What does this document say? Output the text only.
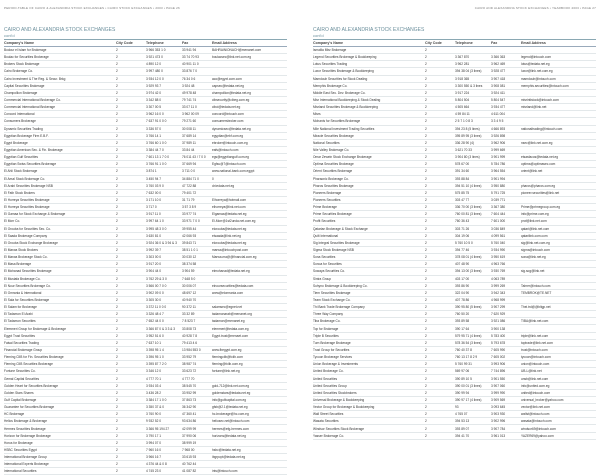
PERIOD-TABLE OF CAIRO & ALEXANDRIA STOCK EXCHANGES • CAIRO STOCK EXCHANGES • 2003 • PAGE 26	CAIRO AND ALEXANDRIA STOCK EXCHANGES • YEARBOOK 2003 • PAGE 27
CAIRO AND ALEXANDRIA STOCK EXCHANGES
cont'd
Company's Name	City Code	Telephone	Fax	Email Address
Bodour el Islam for Brokerage	2	3 966 353 1 0	33 941 94	BAHRAINIONACH@menanet.com
Boulac for Securities Brokerage	2	3 921 473 0	33 74 70 93	boulacsec@link.net.com.eg
Brokers Stock Brokerage	2	4 890 12 0	40 901 11 0
Cairo Brokerage Co.	2	3 997 480 0	33 876 7 0
Cairo Investment & The Reg. & Secur. Brkg	2	3 934 12 0 0	76 34 0 6	aco@egyxt.com.com
Capital Securities Brokerage	2	3 929 93 7	3 924 48	capsec@tedata.net.eg
Champollion Brokerage	2	3 974 42 0	49 978 48	champollion@tedata.net.eg
Commercial International Brokerage Co.	2	3 342 88 0	79 741 74	cibsecurity@cibeg.com.eg
Commercial International Brokerage	2	3 307 00 5	33 07 11 0	cibci@tedata.net.eg
Concord International	2	3 962 16 0 0	3 962 00 09	concord@intouch.com
Consumers Brokerage	2	7 637 91 0 0 0	79 271 60	consumersbroker.com
Dynamic Securities Trading	2	3 336 57 0	30 008 11	dynamicsec@tedata.net.eg
Egyptian Brokerage Firm E.B.F.	2	3 766 14 1	37 689 14	egyptian@ebf.com.eg
Egypt Brokerage	2	3 766 60 1 0 0	37 989 11	ebroker@intouch.com.eg
Egyptian American Sec. & Fin. Brokerage	2	3 384 44 7 0	33 84 44	eafs@intouch.com
Egyptian Gulf Securities	2	7 601 13 1 7 0 0	76 011 43 / 7 0 0	egs@egyptiangulf.com.eg
Egyptian Swiss Securities Brokerage	2	3 766 91 1 0 0	37 669 94	Egfsu@7@intouch.com
El Ahli Stock Brokerage	2	3 874 1	3 711 0 0	www.national-bank.com.egypt
El Amal Stock Brokerage Co.	2	3 450 94 7	34 884 71 0	0
El Arabi Securities Brokerage NSB	2	3 760 03 9 0	47 722 88	dr.tedata.net.eg
El Fath Stock Brokers	2	7 632 00 0	79 401 72
El Horreya Securities Brokerage	2	3 171 10 0	31 71 79	Elhorreya@hotmail.com
El Horreya Securities Brokerage	2	3 717 0	3 57 3 8 9	elhorreya@link.net.com
El Gamaa for Stock Exchange & Brokerage	2	3 917 11 0	33 977 74	Elgamaa@tedata.net.eg
El Morr Co.	2	3 997 64 1 0	33 971 7 0 0	El-Morr@1st2unda.net.com.eg
El Orouba for Securities Sec. Co.	2	3 995 48 3 0 0	39 955 44	elorouba@tedata.net.eg
El Saada Brokerage Company	2	3 630 81 0	42 066 93	elsaada@link.net.eg
El Orouba Stock Exchange Brokerage	2	3 924 36 0 & 3 94 & 3	39 843 71	elorouba@tedata.net.eg
El Marwa Stock Brokers	2	3 992 39 7	38 51 1 0 1	marwa@intouchpost.com
El Marwa Brokerage Stock Co.	2	3 303 00 0	30 030 12	Marwa.ma@@financial.com.eg
El Masa Brokerage	2	3 917 20 0	38 374 58
El Mohanad Securities Brokerage	2	3 904 44 0	3 904 59	elmohanad@tedata.net.eg
El Mustafa Brokerage Co.	2	3 762 29 & 3 0	7 648 5 0
El Nour Securities Brokerage Co.	2	3 566 00 7 0 0	30 006 07	elnoursecurities@tedata.com
El Omrania & International	2	3 902 09 0 0	48 697 12	www@elomrania.com
El Sala for Securities Brokerage	2	3 305 30 0	40 940 70
El Salam for Brokerage	2	3 372 11 0 0 0	90 372 11	salamsec@egnet.net
El Tadamon El Arabi	2	3 326 48 4 7	33 32 89	tadamonarab@menanet.org
El Tadamon Securities	2	7 652 44 0 0	7 8 523 7	tadamon@menanet.eg
Elemmeri Group for Brokerage & Brokerage	2	3 366 87 0 & 3 3 & 3	33 808 73	elemmeri@tedata.com.eg
Egypt Trust Securities	2	3 952 51 6 0	40 928 7 8	Egypt.trust@menaet.com
Faisal Securities Trading	2	7 637 10 1	79 413 4 6
Financial Brokerage Group	2	3 398 95 1 4	13 984 553 0	www.fbegypt.com.eg
Fleming CIIB for Fin. Securities Brokerage	2	3 396 95 1 0	33 952 79	flemingciib@fciib.com
Fleming CIIB Securities Brokerage	2	3 395 87 7 2 0	38 987 74	fleming@fciib.com.eg
Fortune Securities Co.	2	3 346 12 0	33 623 72	fortune@link.net.eg
Gemal Capital Securities	2	4 777 70 1	4 777 70
Golden Heart for Securities Brokerage	2	3 934 03 4	38 545 70	gold-712@link.net.com.eg
Golden Stars Shares	2	3 436 28 2	33 952 99	goldenstars@tedata.net.eg
Gulf Capital Brokerage	2	3 384 17 1 0 0	37 863 73	info@gulfcapital.com.eg
Guarantee for Securities Brokerage	2	3 350 37 & 0	36 342 90	gfsb@2.1@tedata.net.eg
HC Brokerage	2	3 760 90 0	47 360 41	hc-brokerage@hc.com.eg
Helios Brokerage & Brokerage	2	9 932 52 0	93 634 86	heliosec.net@intouch.com
Hermes Securities Brokerage	2	3 366 95 194 27	42 099 99	hermes@efg-hermes.com
Horizon for Brokerage Brokerage	2	3 790 17 1	37 990 06	horizons@tedata.net.eg
Horus for Brokerage	2	3 994 07 0	38 999 19
HSBC Securities Egypt	2	7 960 16 0	7 968 00	hsbc@tedata.net.eg
International Brokerage Group	2	3 966 16 7	33 615 93	ibgrpcpt@tedata.net.eg
International Experts Brokerage	2	4 376 44 & 0 8	40 762 44
International Securities	2	4 745 23 0	41 087 82	ints@intouch.com
CAIRO AND ALEXANDRIA STOCK EXCHANGES
cont'd
Company's Name	City Code	Telephone	Fax	Email Address
Ismailia Misr Brokerage	2
Legend Securities Brokerage & Bookkeeping	2	3 367 870	3 366 363	legend@intouch.com
Lotus Securities Trading	2	3 962 281	3 962 469	lotus@tedata.net.eg
Luxor Securities Brokerage & Bookkeeping	2	394 38 04 (3 lines)	3 928 477	luxor@link.net.com.eg
Mamdouh Securities for Stock Dealing	2	3 918 365	3 907 418	mamdouh@intouch.com
Memphis Brokerage Co.	2	3 300 550 & 3 lines	3 908 081	memphis.securities@intouch.com
Middle East Sec. Dev. Brokerage Co.	2	3 917 224	3 924 411
Misr International Bookkeeping & Stock Dealing	2	5 804 504	5 804 547	misrintlstock@intouch.com
Misrland Securities Brokerage & Bookkeeping	2	4 505 664	3 934 477	misrland@link.net
Misrs	2	4 59 84 11	4 611 004
Mohanis for Securities Brokerage	2	2 5 7 1 0 8 3	3 3 4 9 5
Mile National Investment Trading Securities	2	394 23 8 (5 lines)	4 666 893	nationaltrading@intouch.com
Miracle Securities Brokerage	2	395 89 95 (3 lines)	3 926 898
National Securities	2	336 28 90 (4)	3 962 906	nsec@link.net.com.eg
Nile Valley Brokerage Co.	2	3 621 70 33	3 999 669
Omar Zewein Stock Exchange Brokerage	2	3 904 80 (3 lines)	3 901 999	etsasfacos@tedata.net.eg
Optima Securities Brokerage	2	578 67 00	5 784 786	optima@optimasec.com
Orient Securities Brokerage	2	391 34 60	3 964 554	orient@link.net
Pharaonic Brokerage Co.	2	393 88 84	3 901 994
Pharos Securities Brokerage	2	394 51 10 (4 lines)	3 950 880	pharos@pharos.com.eg
Pioneers Brokerage	2	575 85 75	5 791 725	pioneer.securities@link.net
Pioneers Securities	2	303 47 77	3 039 771
Prime Brokerage	2	336 70 00 (3 lines)	3 367 380	Prime@primegroup.com.eg
Prime Securities Brokerage	2	760 00 81 (3 lines)	7 604 444	info@prime.com.eg
Profit Securities	2	760 36 43	7 601 000	prof@link.net.com
Qatarian Brokerage & Stock Exchange	2	303 71 26	3 036 849	qatari@link.net.com
Quilt International	2	304 19 06	4 099 561	qatarilink.com.com
Sig Integral Securities Brokerage	2	5 760 10 5 0	5 760 040	sig@link.net.com.eg
Sigma Stock Brokerage NSB	2	394 77 46	3 934 990	sigma@intouch.com
Sona Securities	2	378 08 01 (4 lines)	3 950 619	sona@link.net.eg
Sonoa for Securities	2	407 48 90	4 963 766
Sowaya Securities Co.	2	394 13 00 (3 lines)	3 930 769	sig.sog@link.net
Sintra Group	2	403 17 00	4 063 789
Suhyno Brokerage & Bookkeeping Co.	2	393 86 90	3 999 269	Tahrer@intouch.com
Tiem Securities Brokerage	2	322 04 90	3 942 343	TEMBROK@TE.NET
Team Stock Exchange Co.	2	407 78 86	4 968 999
Thi Bank Trade Brokerage Company	2	390 95 80 (5 lines)	3 907 299	Thei.trd@@bltgp.net
Three Way Company	2	760 50 20	7 620 929
Tiba Brokerage Co.	2	393 89 58	3 921 086	TIBA@link.net.com
Top for Brokerage	2	390 17 64	3 900 138
Triple B Securities	2	579 95 71 (4 lines)	5 783 400	triple@link.net.com
Turn Brokerage Brokerage	2	578 36 54 (3 lines)	5 793 678	toptrade@link.net.com
Trust Group for Securities	2	760 40 37 8	7 605 990	trust@intouch.com
Tycoon Brokerage Services	2	760 13 17 8 2 9	7 605 002	tycoon@intouch.com
Union Brokerage & Investments	2	5 760 99 31	3 993 906	union@intouch.com
United Brokerage Co.	2	569 97 06	7 744 896	UB-L@link.net
United Securities	2	390 89 10 5	3 901 550	unsb@link.net.com
United Securities Group	2	390 00 01 (3 lines)	3 907 060	info@united.com.eg
United Securities Stockbrokers	2	390 99 94	3 999 990	united@intouch.com
Universal Brokerage & Bookkeeping	2	390 97 17 (4 lines)	3 909 569	universal_broker@yahoo.com
Vector Group for Brokerage & Bookkeeping	2	93	3 093 645	vector@link.net.com
Wall Street Securities	2	4 765 07	3 903 930	wallst@intouch.com
Wasata Securities	2	394 53 13	3 902 996	wasata@intouch.com
Windsor Securities Stock Brokerage	2	393 89 07	3 907 784	windsor69@intouch.com
Yasser Brokerage Co.	2	394 41 70	3 961 013	YAZER69@yahoo.com
